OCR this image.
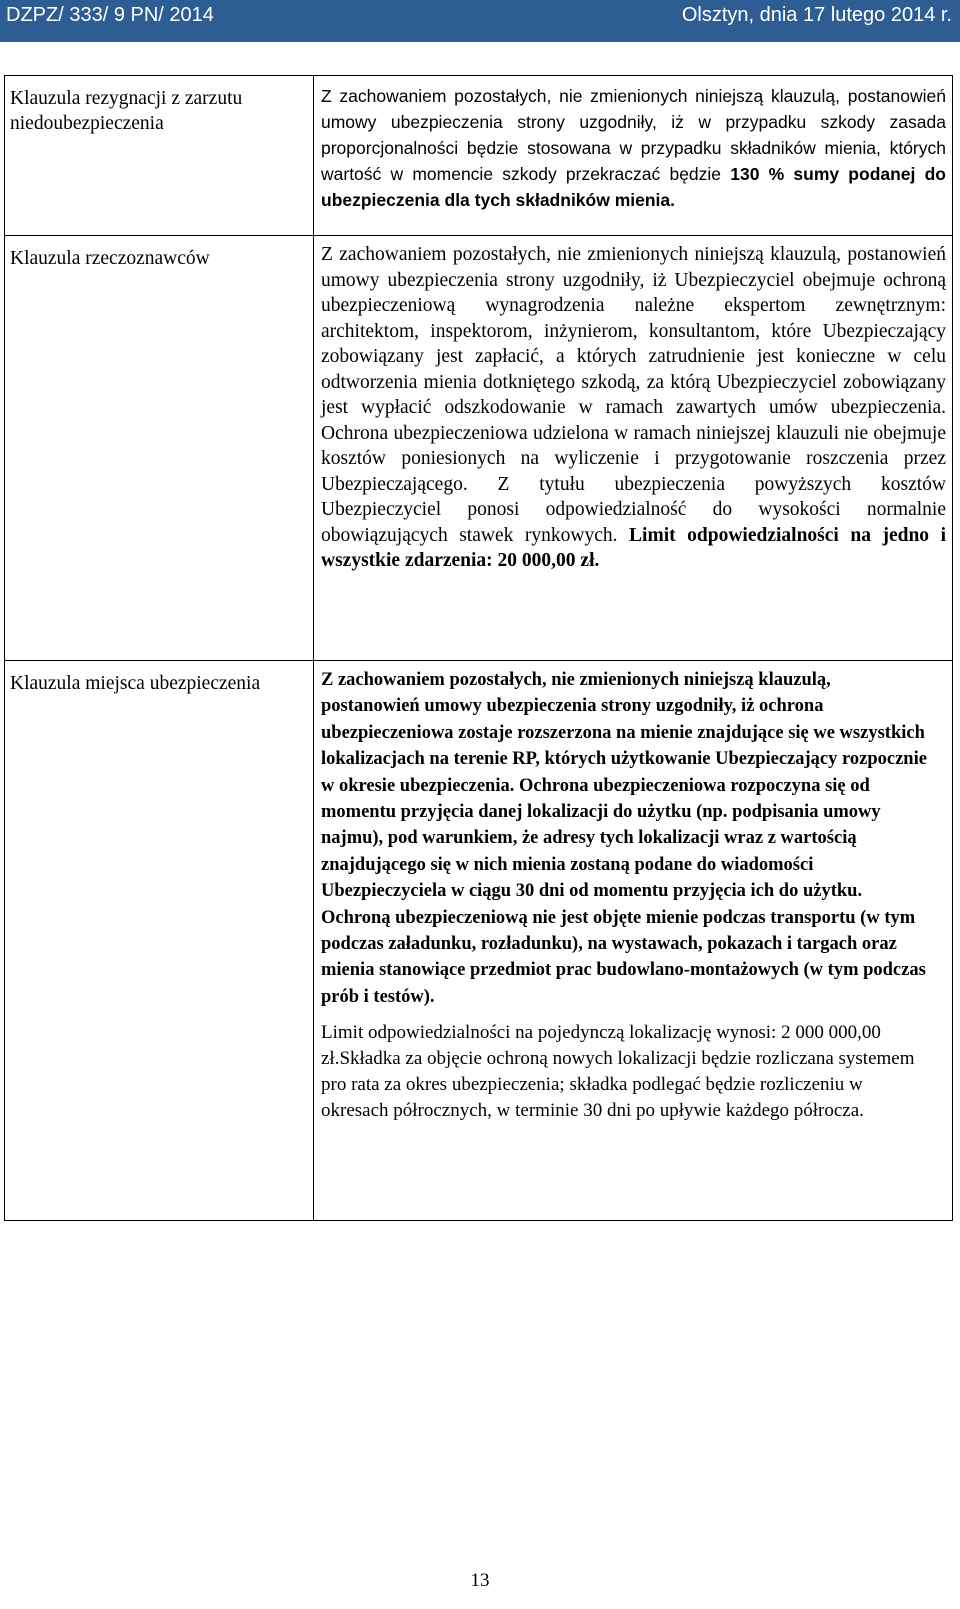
DZPZ/ 333/ 9 PN/ 2014	Olsztyn, dnia 17 lutego 2014 r.
Klauzula rezygnacji z zarzutu niedoubezpieczenia	Z zachowaniem pozostałych, nie zmienionych niniejszą klauzulą, postanowień umowy ubezpieczenia strony uzgodniły, iż w przypadku szkody zasada proporcjonalności będzie stosowana w przypadku składników mienia, których wartość w momencie szkody przekraczać będzie 130 % sumy podanej do ubezpieczenia dla tych składników mienia.

Klauzula rzeczoznawców	Z zachowaniem pozostałych, nie zmienionych niniejszą klauzulą, postanowień umowy ubezpieczenia strony uzgodniły, iż Ubezpieczyciel obejmuje ochroną ubezpieczeniową wynagrodzenia należne ekspertom zewnętrznym: architektom, inspektorom, inżynierom, konsultantom, które Ubezpieczający zobowiązany jest zapłacić, a których zatrudnienie jest konieczne w celu odtworzenia mienia dotkniętego szkodą, za którą Ubezpieczyciel zobowiązany jest wypłacić odszkodowanie w ramach zawartych umów ubezpieczenia. Ochrona ubezpieczeniowa udzielona w ramach niniejszej klauzuli nie obejmuje kosztów poniesionych na wyliczenie i przygotowanie roszczenia przez Ubezpieczającego. Z tytułu ubezpieczenia powyższych kosztów Ubezpieczyciel ponosi odpowiedzialność do wysokości normalnie obowiązujących stawek rynkowych. Limit odpowiedzialności na jedno i wszystkie zdarzenia: 20 000,00 zł.

Klauzula miejsca ubezpieczenia	Z zachowaniem pozostałych, nie zmienionych niniejszą klauzulą, postanowień umowy ubezpieczenia strony uzgodniły, iż ochrona ubezpieczeniowa zostaje rozszerzona na mienie znajdujące się we wszystkich lokalizacjach na terenie RP, których użytkowanie Ubezpieczający rozpocznie w okresie ubezpieczenia. Ochrona ubezpieczeniowa rozpoczyna się od momentu przyjęcia danej lokalizacji do użytku (np. podpisania umowy najmu), pod warunkiem, że adresy tych lokalizacji wraz z wartością znajdującego się w nich mienia zostaną podane do wiadomości Ubezpieczyciela w ciągu 30 dni od momentu przyjęcia ich do użytku. Ochroną ubezpieczeniową nie jest objęte mienie podczas transportu (w tym podczas załadunku, rozładunku), na wystawach, pokazach i targach oraz mienia stanowiące przedmiot prac budowlano-montażowych (w tym podczas prób i testów).

Limit odpowiedzialności na pojedynczą lokalizację wynosi: 2 000 000,00 zł.Składka za objęcie ochroną nowych lokalizacji będzie rozliczana systemem pro rata za okres ubezpieczenia; składka podlegać będzie rozliczeniu w okresach półrocznych, w terminie 30 dni po upływie każdego półrocza.

13
